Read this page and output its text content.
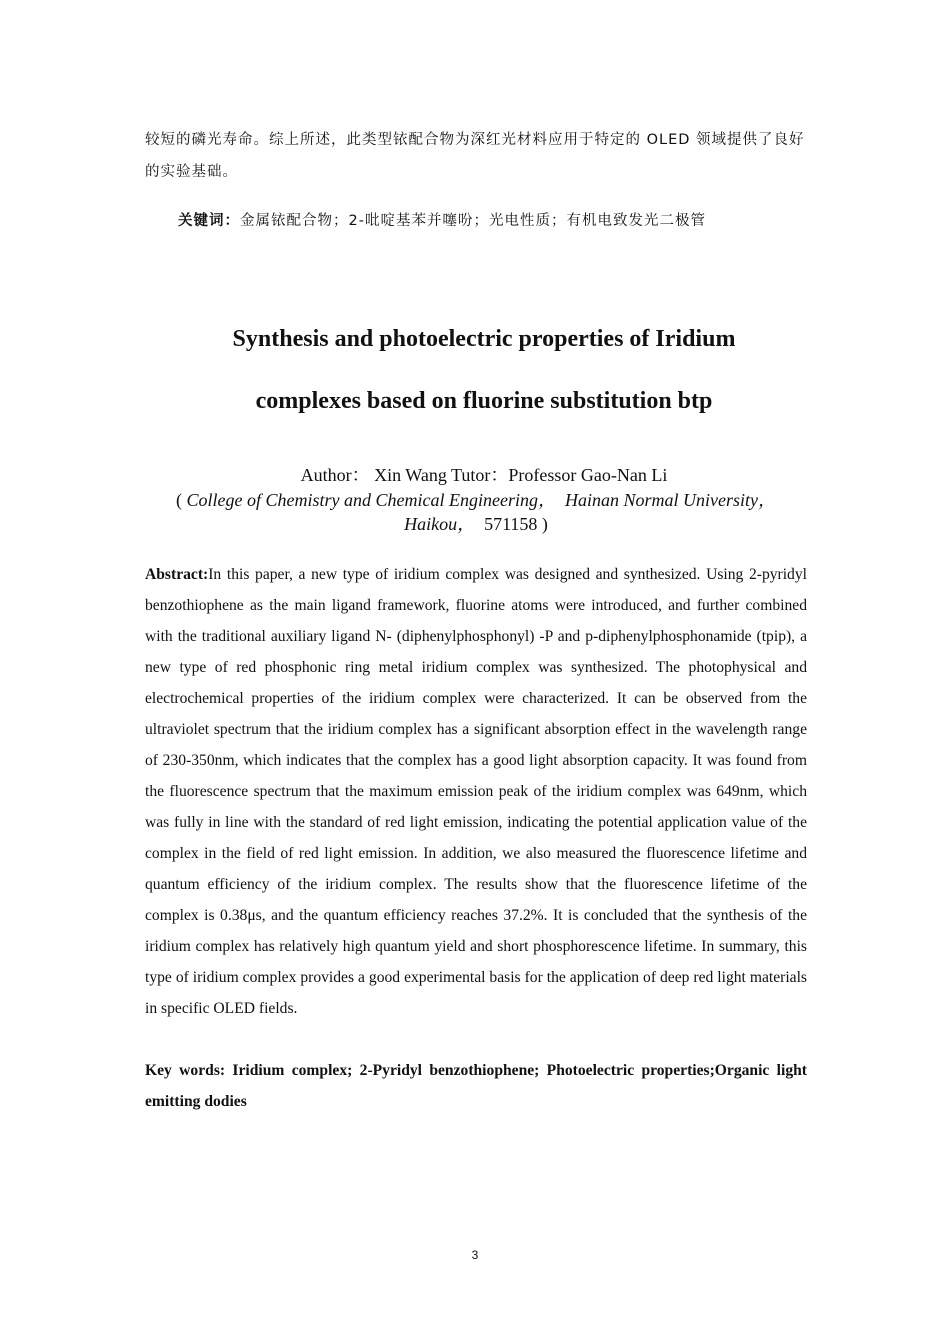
较短的磷光寿命。综上所述，此类型铱配合物为深红光材料应用于特定的 OLED 领域提供了良好的实验基础。
关键词：金属铱配合物；2-吡啶基苯并噻吩；光电性质；有机电致发光二极管
Synthesis and photoelectric properties of Iridium
complexes based on fluorine substitution btp
Author： Xin Wang Tutor：Professor Gao-Nan Li
( College of Chemistry and Chemical Engineering， Hainan Normal University，
Haikou， 571158 )
Abstract:In this paper, a new type of iridium complex was designed and synthesized. Using 2-pyridyl benzothiophene as the main ligand framework, fluorine atoms were introduced, and further combined with the traditional auxiliary ligand N- (diphenylphosphonyl) -P and p-diphenylphosphonamide (tpip), a new type of red phosphonic ring metal iridium complex was synthesized. The photophysical and electrochemical properties of the iridium complex were characterized. It can be observed from the ultraviolet spectrum that the iridium complex has a significant absorption effect in the wavelength range of 230-350nm, which indicates that the complex has a good light absorption capacity. It was found from the fluorescence spectrum that the maximum emission peak of the iridium complex was 649nm, which was fully in line with the standard of red light emission, indicating the potential application value of the complex in the field of red light emission. In addition, we also measured the fluorescence lifetime and quantum efficiency of the iridium complex. The results show that the fluorescence lifetime of the complex is 0.38μs, and the quantum efficiency reaches 37.2%. It is concluded that the synthesis of the iridium complex has relatively high quantum yield and short phosphorescence lifetime. In summary, this type of iridium complex provides a good experimental basis for the application of deep red light materials in specific OLED fields.
Key words: Iridium complex; 2-Pyridyl benzothiophene; Photoelectric properties;Organic light emitting dodies
3
